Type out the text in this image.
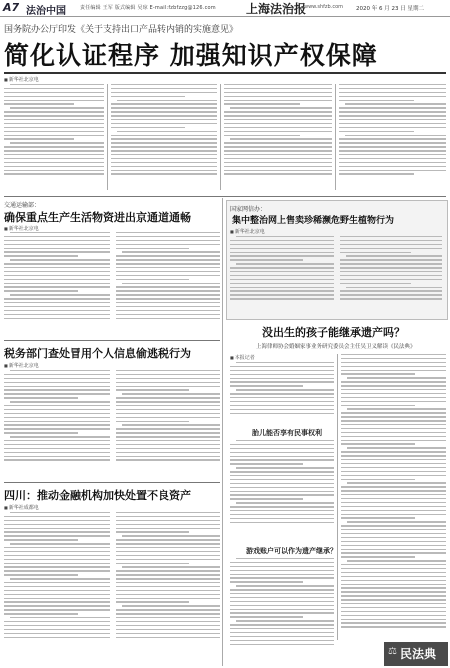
A7 法治中国	责任编辑 王军 版式编辑 吴琼 E-mail:fzbfzzg@126.com	上海法治报
www.shfzb.com 2020 年 6 月 23 日 星期二
国务院办公厅印发《关于支持出口产品转内销的实施意见》
简化认证程序 加强知识产权保障
■ 新华社北京电
交通运输部：
确保重点生产生活物资进出京通道通畅
■ 新华社北京电
税务部门查处冒用个人信息偷逃税行为
■ 新华社北京电
四川：推动金融机构加快处置不良资产
■ 新华社成都电
国家网信办：
集中整治网上售卖珍稀濒危野生植物行为
■ 新华社北京电
没出生的孩子能继承遗产吗？
上海律师协会婚姻家事业务研究委员会主任吴卫义解读《民法典》
■ 本报记者
胎儿能否享有民事权利
游戏账户可以作为遗产继承？
⚖ 民法典
